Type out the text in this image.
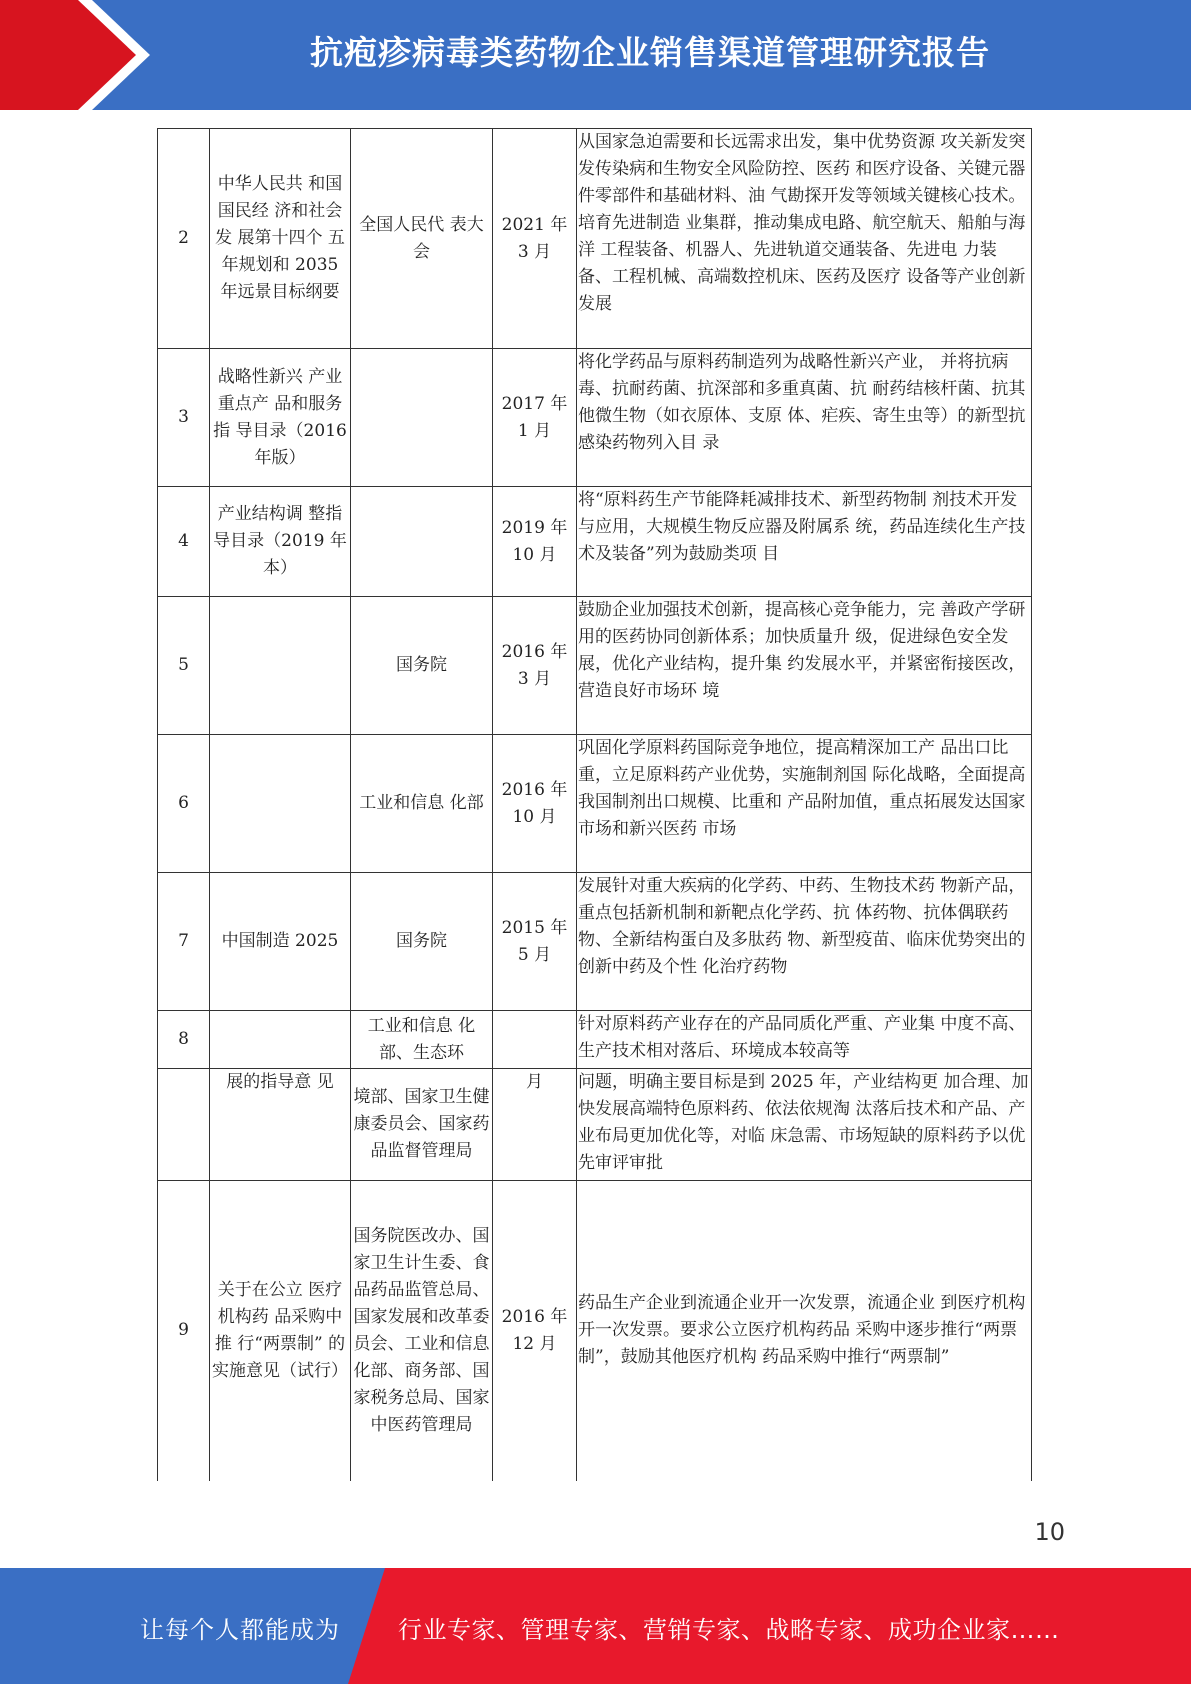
抗疱疹病毒类药物企业销售渠道管理研究报告
2	中华人民共 和国国民经 济和社会发 展第十四个 五年规划和 2035 年远景目标纲要	全国人民代 表大会	2021 年 3 月	从国家急迫需要和长远需求出发，集中优势资源 攻关新发突发传染病和生物安全风险防控、医药 和医疗设备、关键元器件零部件和基础材料、油 气勘探开发等领域关键核心技术。培育先进制造 业集群，推动集成电路、航空航天、船舶与海洋 工程装备、机器人、先进轨道交通装备、先进电 力装备、工程机械、高端数控机床、医药及医疗 设备等产业创新发展
3	战略性新兴 产业重点产 品和服务指 导目录（2016 年版）		2017 年 1 月	将化学药品与原料药制造列为战略性新兴产业， 并将抗病毒、抗耐药菌、抗深部和多重真菌、抗 耐药结核杆菌、抗其他微生物（如衣原体、支原 体、疟疾、寄生虫等）的新型抗感染药物列入目 录
4	产业结构调 整指导目录（2019 年本）		2019 年 10 月	将“原料药生产节能降耗减排技术、新型药物制 剂技术开发与应用，大规模生物反应器及附属系 统，药品连续化生产技术及装备”列为鼓励类项 目
5		国务院	2016 年 3 月	鼓励企业加强技术创新，提高核心竞争能力，完 善政产学研用的医药协同创新体系；加快质量升 级，促进绿色安全发展，优化产业结构，提升集 约发展水平，并紧密衔接医改，营造良好市场环 境
6		工业和信息 化部	2016 年 10 月	巩固化学原料药国际竞争地位，提高精深加工产 品出口比重，立足原料药产业优势，实施制剂国 际化战略，全面提高我国制剂出口规模、比重和 产品附加值，重点拓展发达国家市场和新兴医药 市场
7	中国制造 2025	国务院	2015 年 5 月	发展针对重大疾病的化学药、中药、生物技术药 物新产品，重点包括新机制和新靶点化学药、抗 体药物、抗体偶联药物、全新结构蛋白及多肽药 物、新型疫苗、临床优势突出的创新中药及个性 化治疗药物
8		工业和信息 化部、生态环		针对原料药产业存在的产品同质化严重、产业集 中度不高、生产技术相对落后、环境成本较高等
	展的指导意 见	境部、国家卫生健康委员会、国家药品监督管理局	月	问题，明确主要目标是到 2025 年，产业结构更 加合理、加快发展高端特色原料药、依法依规淘 汰落后技术和产品、产业布局更加优化等，对临 床急需、市场短缺的原料药予以优先审评审批
9	关于在公立 医疗机构药 品采购中推 行“两票制” 的实施意见（试行）	国务院医改办、国家卫生计生委、食品药品监管总局、国家发展和改革委员会、工业和信息化部、商务部、国家税务总局、国家中医药管理局	2016 年 12 月	药品生产企业到流通企业开一次发票，流通企业 到医疗机构开一次发票。要求公立医疗机构药品 采购中逐步推行“两票制”，鼓励其他医疗机构 药品采购中推行“两票制”
10
让每个人都能成为	行业专家、管理专家、营销专家、战略专家、成功企业家……
